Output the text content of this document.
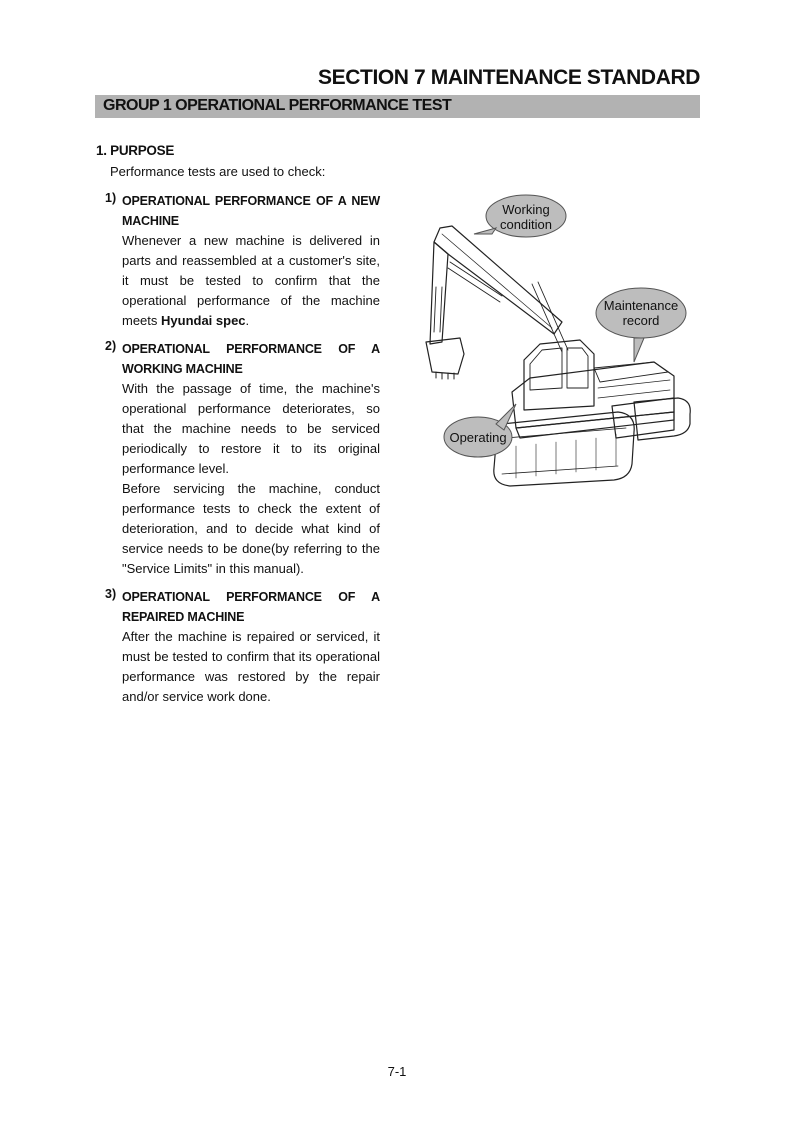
SECTION 7 MAINTENANCE STANDARD
GROUP 1 OPERATIONAL PERFORMANCE TEST
1. PURPOSE
Performance tests are used to check:
1) OPERATIONAL PERFORMANCE OF A NEW MACHINE
Whenever a new machine is delivered in parts and reassembled at a customer's site, it must be tested to confirm that the operational performance of the machine meets Hyundai spec.
2) OPERATIONAL PERFORMANCE OF A WORKING MACHINE
With the passage of time, the machine's operational performance deteriorates, so that the machine needs to be serviced periodically to restore it to its original performance level.
Before servicing the machine, conduct performance tests to check the extent of deterioration, and to decide what kind of service needs to be done(by referring to the "Service Limits" in this manual).
3) OPERATIONAL PERFORMANCE OF A REPAIRED MACHINE
After the machine is repaired or serviced, it must be tested to confirm that its operational performance was restored by the repair and/or service work done.
Working
condition
Maintenance
record
Operating
7-1
